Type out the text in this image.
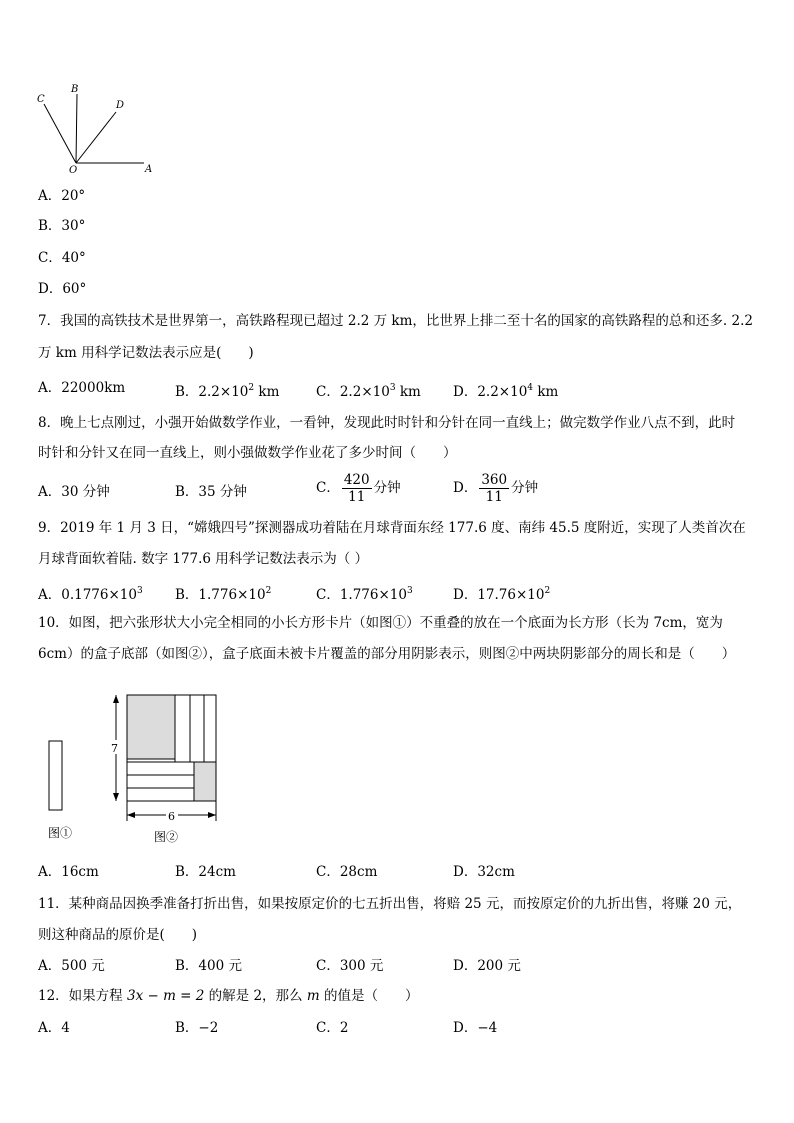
C
B
D
O	A
A．20°
B．30°
C．40°
D．60°
7．我国的高铁技术是世界第一，高铁路程现已超过 2.2 万 km，比世界上排二至十名的国家的高铁路程的总和还多. 2.2
万 km 用科学记数法表示应是(　　)
A．22000km	B．$2.2\times 10^2$ km	C．$2.2\times 10^3$ km D．$2.2\times 10^4$ km
8．晚上七点刚过，小强开始做数学作业，一看钟，发现此时时针和分针在同一直线上；做完数学作业八点不到，此时
时针和分针又在同一直线上，则小强做数学作业花了多少时间（　　）
A．30 分钟	B．35 分钟	C． $\frac{420}{11}$ 分钟	D． $\frac{360}{11}$ 分钟
9．2019 年 1 月 3 日，“嫦娥四号”探测器成功着陆在月球背面东经 177.6 度、南纬 45.5 度附近，实现了人类首次在
月球背面软着陆. 数字 177.6 用科学记数法表示为（ ）
A．$0.1776\times 10^3$ B．$1.776\times 10^2$	C．$1.776\times 10^3$	D．$17.76\times 10^2$
10．如图，把六张形状大小完全相同的小长方形卡片（如图①）不重叠的放在一个底面为长方形（长为 7cm，宽为
6cm）的盒子底部（如图②），盒子底面未被卡片覆盖的部分用阴影表示，则图②中两块阴影部分的周长和是（　　）
图①
7
6
图②
A．16cm	B．24cm	C．28cm	D．32cm
11．某种商品因换季准备打折出售，如果按原定价的七五折出售，将赔 25 元，而按原定价的九折出售，将赚 20 元，
则这种商品的原价是(　　)
A．500 元	B．400 元	C．300 元	D．200 元
12．如果方程 3x − m = 2 的解是 2，那么 m 的值是（　　）
A．4	B．−2	C．2	D．−4
